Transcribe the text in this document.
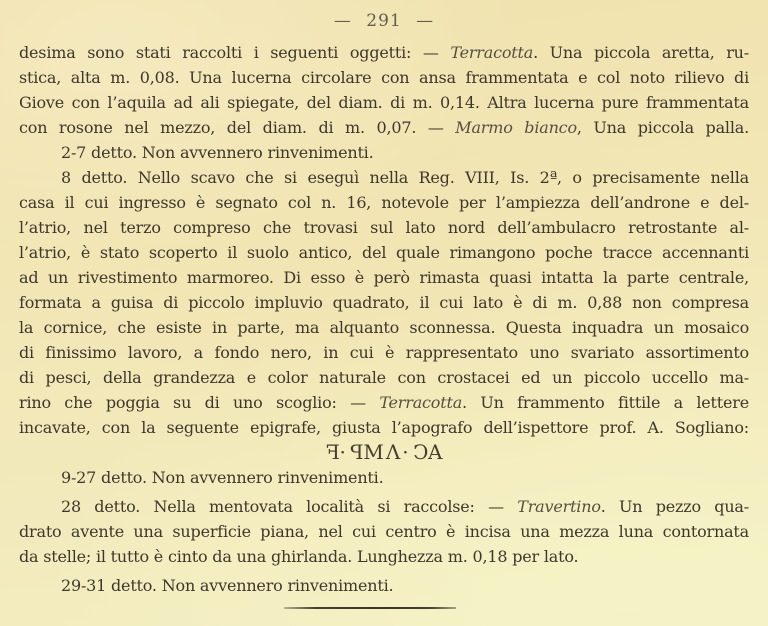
— 291 —
desima sono stati raccolti i seguenti oggetti: — Terracotta. Una piccola aretta, ru-
stica, alta m. 0,08. Una lucerna circolare con ansa frammentata e col noto rilievo di
Giove con l’aquila ad ali spiegate, del diam. di m. 0,14. Altra lucerna pure frammentata
con rosone nel mezzo, del diam. di m. 0,07. — Marmo bianco, Una piccola palla.
2-7 detto. Non avvennero rinvenimenti.
8 detto. Nello scavo che si eseguì nella Reg. VIII, Is. 2ª, o precisamente nella
casa il cui ingresso è segnato col n. 16, notevole per l’ampiezza dell’androne e del-
l’atrio, nel terzo compreso che trovasi sul lato nord dell’ambulacro retrostante al-
l’atrio, è stato scoperto il suolo antico, del quale rimangono poche tracce accennanti
ad un rivestimento marmoreo. Di esso è però rimasta quasi intatta la parte centrale,
formata a guisa di piccolo impluvio quadrato, il cui lato è di m. 0,88 non compresa
la cornice, che esiste in parte, ma alquanto sconnessa. Questa inquadra un mosaico
di finissimo lavoro, a fondo nero, in cui è rappresentato uno svariato assortimento
di pesci, della grandezza e color naturale con crostacei ed un piccolo uccello ma-
rino che poggia su di uno scoglio: — Terracotta. Un frammento fittile a lettere
incavate, con la seguente epigrafe, giusta l’apografo dell’ispettore prof. A. Sogliano:
F·PMΛ·CA
9-27 detto. Non avvennero rinvenimenti.
28 detto. Nella mentovata località si raccolse: — Travertino. Un pezzo qua-
drato avente una superficie piana, nel cui centro è incisa una mezza luna contornata
da stelle; il tutto è cinto da una ghirlanda. Lunghezza m. 0,18 per lato.
29-31 detto. Non avvennero rinvenimenti.
